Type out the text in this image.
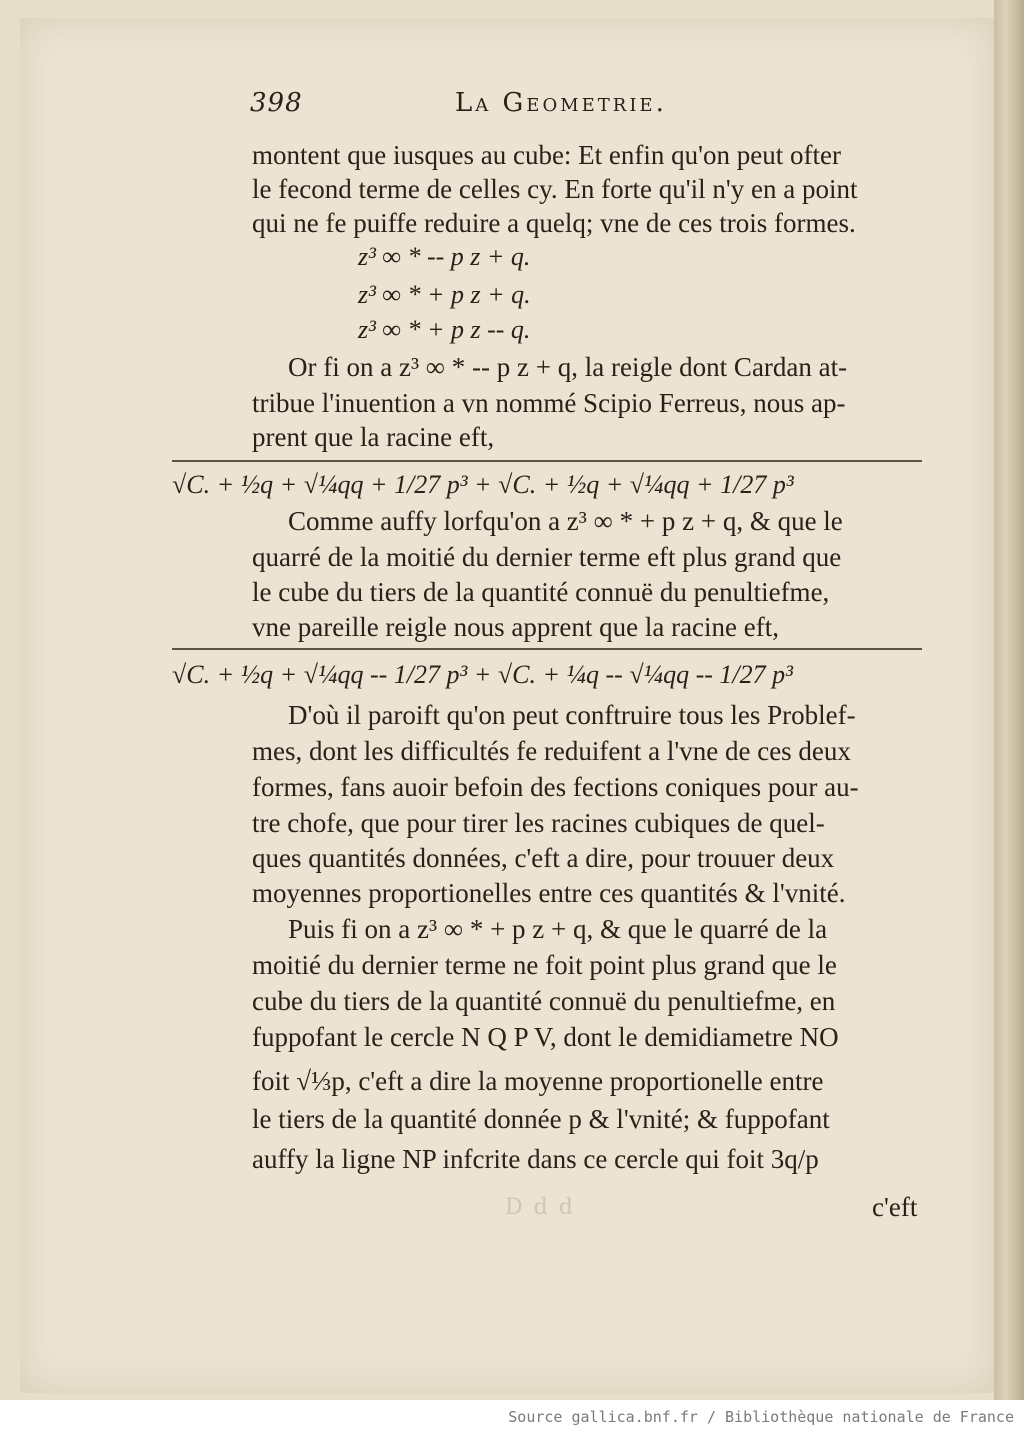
398	La Geometrie.
montent que iusques au cube: Et enfin qu'on peut ofter
le fecond terme de celles cy. En forte qu'il n'y en a point
qui ne fe puiffe reduire a quelq; vne de ces trois formes.
z³ ∞ * -- p z + q.
z³ ∞ * + p z + q.
z³ ∞ * + p z -- q.
Or fi on a z³ ∞ * -- p z + q, la reigle dont Cardan at-
tribue l'inuention a vn nommé Scipio Ferreus, nous ap-
prent que la racine eft,
√C. + ½q + √¼qq + 1/27 p³ + √C. + ½q + √¼qq + 1/27 p³
Comme auffy lorfqu'on a z³ ∞ * + p z + q, & que le
quarré de la moitié du dernier terme eft plus grand que
le cube du tiers de la quantité connuë du penultiefme,
vne pareille reigle nous apprent que la racine eft,
√C. + ½q + √¼qq -- 1/27 p³ + √C. + ¼q -- √¼qq -- 1/27 p³
D'où il paroift qu'on peut conftruire tous les Problef-
mes, dont les difficultés fe reduifent a l'vne de ces deux
formes, fans auoir befoin des fections coniques pour au-
tre chofe, que pour tirer les racines cubiques de quel-
ques quantités données, c'eft a dire, pour trouuer deux
moyennes proportionelles entre ces quantités & l'vnité.
Puis fi on a z³ ∞ * + p z + q, & que le quarré de la
moitié du dernier terme ne foit point plus grand que le
cube du tiers de la quantité connuë du penultiefme, en
fuppofant le cercle N Q P V, dont le demidiametre NO
foit √⅓p, c'eft a dire la moyenne proportionelle entre
le tiers de la quantité donnée p & l'vnité; & fuppofant
auffy la ligne NP infcrite dans ce cercle qui foit 3q/p
c'eft
D d d
Source gallica.bnf.fr / Bibliothèque nationale de France
